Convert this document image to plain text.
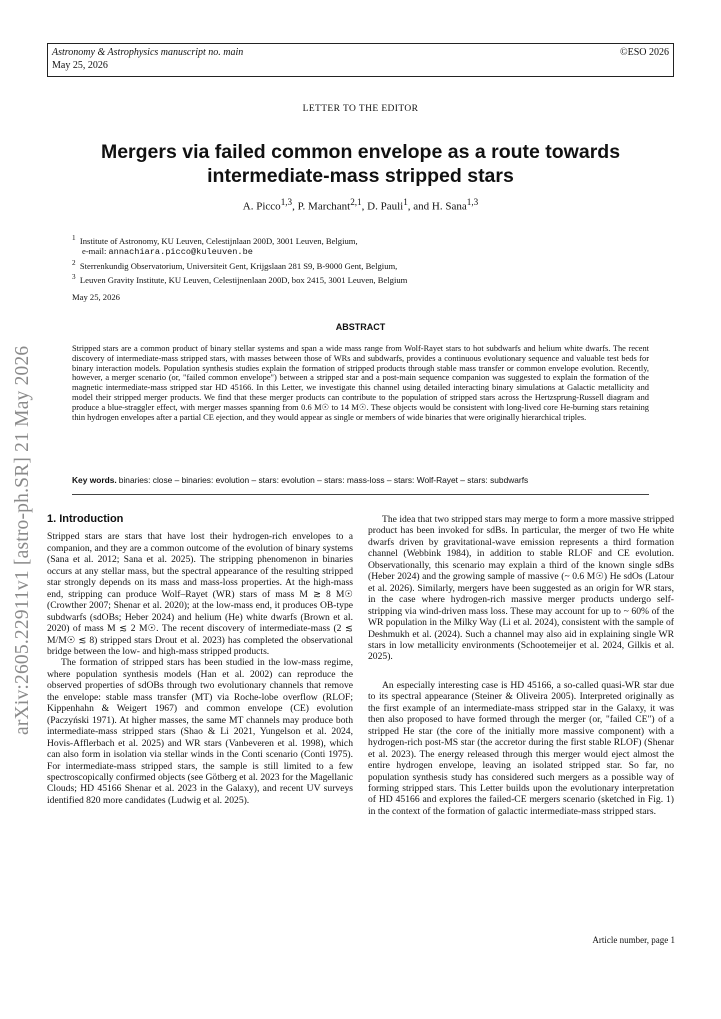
Astronomy & Astrophysics manuscript no. main
May 25, 2026
©ESO 2026
arXiv:2605.22911v1 [astro-ph.SR] 21 May 2026
LETTER TO THE EDITOR
Mergers via failed common envelope as a route towards intermediate-mass stripped stars
A. Picco$^{1,3}$, P. Marchant$^{2,1}$, D. Pauli$^1$, and H. Sana$^{1,3}$
$^1$  Institute of Astronomy, KU Leuven, Celestijnlaan 200D, 3001 Leuven, Belgium,
e-mail: annachiara.picco@kuleuven.be
$^2$  Sterrenkundig Observatorium, Universiteit Gent, Krijgslaan 281 S9, B-9000 Gent, Belgium,
$^3$  Leuven Gravity Institute, KU Leuven, Celestijnenlaan 200D, box 2415, 3001 Leuven, Belgium
May 25, 2026
ABSTRACT
Stripped stars are a common product of binary stellar systems and span a wide mass range from Wolf-Rayet stars to hot subdwarfs and helium white dwarfs. The recent discovery of intermediate-mass stripped stars, with masses between those of WRs and subdwarfs, provides a continuous evolutionary sequence and valuable test beds for binary interaction models. Population synthesis studies explain the formation of stripped products through stable mass transfer or common envelope evolution. Recently, however, a merger scenario (or, "failed common envelope") between a stripped star and a post-main sequence companion was suggested to explain the formation of the magnetic intermediate-mass stripped star HD 45166. In this Letter, we investigate this channel using detailed interacting binary simulations at Galactic metallicity and model their stripped merger products. We find that these merger products can contribute to the population of stripped stars across the Hertzsprung-Russell diagram and produce a blue-straggler effect, with merger masses spanning from 0.6 M☉ to 14 M☉. These objects would be consistent with long-lived core He-burning stars retaining thin hydrogen envelopes after a partial CE ejection, and they would appear as single or members of wide binaries that were originally hierarchical triples.
Key words. binaries: close – binaries: evolution – stars: evolution – stars: mass-loss – stars: Wolf-Rayet – stars: subdwarfs
1. Introduction

Stripped stars are stars that have lost their hydrogen-rich envelopes to a companion, and they are a common outcome of the evolution of binary systems (Sana et al. 2012; Sana et al. 2025). The stripping phenomenon in binaries occurs at any stellar mass, but the spectral appearance of the resulting stripped star strongly depends on its mass and mass-loss properties. At the high-mass end, stripping can produce Wolf–Rayet (WR) stars of mass M ≳ 8 M☉ (Crowther 2007; Shenar et al. 2020); at the low-mass end, it produces OB-type subdwarfs (sdOBs; Heber 2024) and helium (He) white dwarfs (Brown et al. 2020) of mass M ≲ 2 M☉. The recent discovery of intermediate-mass (2 ≲ M/M☉ ≲ 8) stripped stars Drout et al. 2023) has completed the observational bridge between the low- and high-mass stripped products.

The formation of stripped stars has been studied in the low-mass regime, where population synthesis models (Han et al. 2002) can reproduce the observed properties of sdOBs through two evolutionary channels that remove the envelope: stable mass transfer (MT) via Roche-lobe overflow (RLOF; Kippenhahn & Weigert 1967) and common envelope (CE) evolution (Paczyński 1971). At higher masses, the same MT channels may produce both intermediate-mass stripped stars (Shao & Li 2021, Yungelson et al. 2024, Hovis-Afflerbach et al. 2025) and WR stars (Vanbeveren et al. 1998), which can also form in isolation via stellar winds in the Conti scenario (Conti 1975). For intermediate-mass stripped stars, the sample is still limited to a few spectroscopically confirmed objects (see Götberg et al. 2023 for the Magellanic Clouds; HD 45166 Shenar et al. 2023 in the Galaxy), and recent UV surveys identified 820 more candidates (Ludwig et al. 2025).

The idea that two stripped stars may merge to form a more massive stripped product has been invoked for sdBs. In particular, the merger of two He white dwarfs driven by gravitational-wave emission represents a third formation channel (Webbink 1984), in addition to stable RLOF and CE evolution. Observationally, this scenario may explain a third of the known single sdBs (Heber 2024) and the growing sample of massive (~ 0.6 M☉) He sdOs (Latour et al. 2026). Similarly, mergers have been suggested as an origin for WR stars, in the case where hydrogen-rich massive merger products undergo self-stripping via wind-driven mass loss. These may account for up to ~ 60% of the WR population in the Milky Way (Li et al. 2024), consistent with the sample of Deshmukh et al. (2024). Such a channel may also aid in explaining single WR stars in low metallicity environments (Schootemeijer et al. 2024, Gilkis et al. 2025).

An especially interesting case is HD 45166, a so-called quasi-WR star due to its spectral appearance (Steiner & Oliveira 2005). Interpreted originally as the first example of an intermediate-mass stripped star in the Galaxy, it was then also proposed to have formed through the merger (or, "failed CE") of a stripped He star (the core of the initially more massive component) with a hydrogen-rich post-MS star (the accretor during the first stable RLOF) (Shenar et al. 2023). The energy released through this merger would eject almost the entire hydrogen envelope, leaving an isolated stripped star. So far, no population synthesis study has considered such mergers as a possible way of forming stripped stars. This Letter builds upon the evolutionary interpretation of HD 45166 and explores the failed-CE mergers scenario (sketched in Fig. 1) in the context of the formation of galactic intermediate-mass stripped stars.

Article number, page 1
